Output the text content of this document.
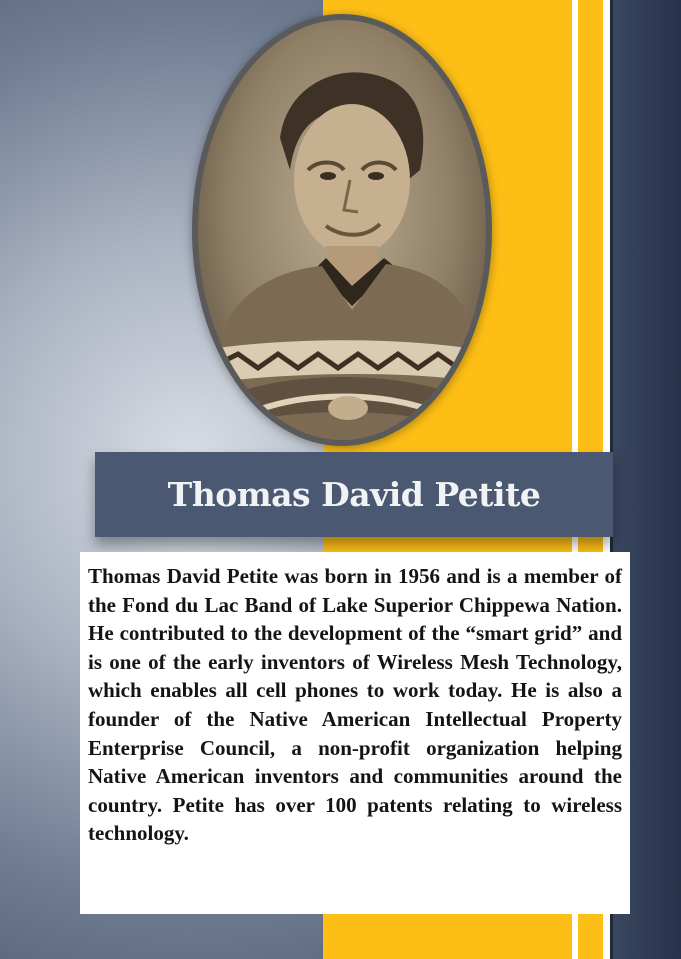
Thomas David Petite

Thomas David Petite was born in 1956 and is a member of the Fond du Lac Band of Lake Superior Chippewa Nation. He contributed to the development of the “smart grid” and is one of the early inventors of Wireless Mesh Technology, which enables all cell phones to work today. He is also a founder of the Native American Intellectual Property Enterprise Council, a non-profit organization helping Native American inventors and communities around the country. Petite has over 100 patents relating to wireless technology.
